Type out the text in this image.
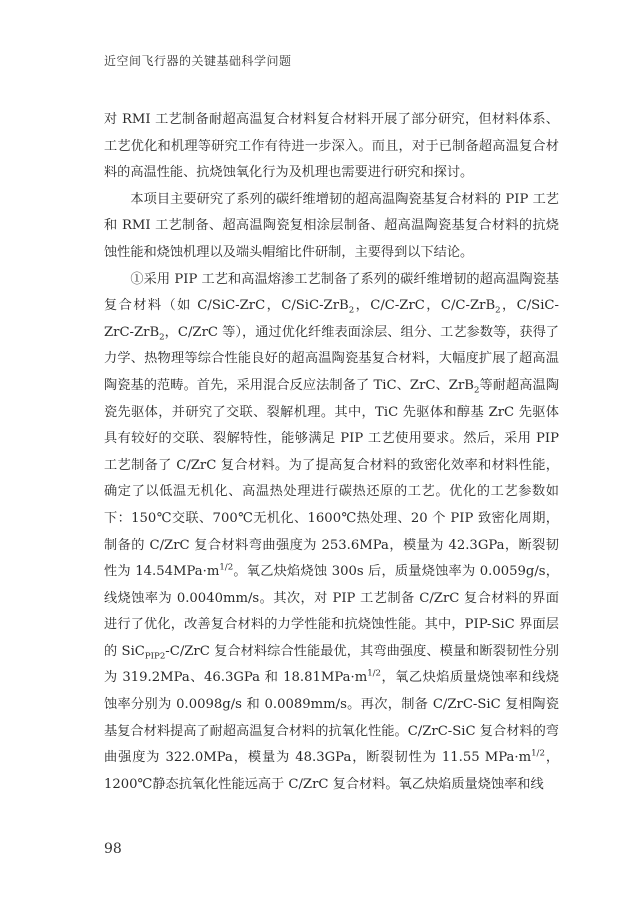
近空间飞行器的关键基础科学问题

对 RMI 工艺制备耐超高温复合材料复合材料开展了部分研究，但材料体系、工艺优化和机理等研究工作有待进一步深入。而且，对于已制备超高温复合材料的高温性能、抗烧蚀氧化行为及机理也需要进行研究和探讨。

本项目主要研究了系列的碳纤维增韧的超高温陶瓷基复合材料的 PIP 工艺和 RMI 工艺制备、超高温陶瓷复相涂层制备、超高温陶瓷基复合材料的抗烧蚀性能和烧蚀机理以及端头帽缩比件研制，主要得到以下结论。

①采用 PIP 工艺和高温熔渗工艺制备了系列的碳纤维增韧的超高温陶瓷基复合材料（如 C/SiC-ZrC，C/SiC-ZrB$_2$，C/C-ZrC，C/C-ZrB$_2$，C/SiC-ZrC-ZrB$_2$，C/ZrC 等），通过优化纤维表面涂层、组分、工艺参数等，获得了力学、热物理等综合性能良好的超高温陶瓷基复合材料，大幅度扩展了超高温陶瓷基的范畴。首先，采用混合反应法制备了 TiC、ZrC、ZrB$_2$等耐超高温陶瓷先驱体，并研究了交联、裂解机理。其中，TiC 先驱体和醇基 ZrC 先驱体具有较好的交联、裂解特性，能够满足 PIP 工艺使用要求。然后，采用 PIP 工艺制备了 C/ZrC 复合材料。为了提高复合材料的致密化效率和材料性能，确定了以低温无机化、高温热处理进行碳热还原的工艺。优化的工艺参数如下：150℃交联、700℃无机化、1600℃热处理、20 个 PIP 致密化周期，制备的 C/ZrC 复合材料弯曲强度为 253.6MPa，模量为 42.3GPa，断裂韧性为 $14.54MPa\cdot m^{1/2}$。氧乙炔焰烧蚀 300s 后，质量烧蚀率为 0.0059g/s，线烧蚀率为 0.0040mm/s。其次，对 PIP 工艺制备 C/ZrC 复合材料的界面进行了优化，改善复合材料的力学性能和抗烧蚀性能。其中，PIP-SiC 界面层的 SiC$_{PIP2}$-C/ZrC 复合材料综合性能最优，其弯曲强度、模量和断裂韧性分别为 319.2MPa、46.3GPa 和 $18.81MPa\cdot m^{1/2}$，氧乙炔焰质量烧蚀率和线烧蚀率分别为 0.0098g/s 和 0.0089mm/s。再次，制备 C/ZrC-SiC 复相陶瓷基复合材料提高了耐超高温复合材料的抗氧化性能。C/ZrC-SiC 复合材料的弯曲强度为 322.0MPa，模量为 48.3GPa，断裂韧性为 11.55 $MPa\cdot m^{1/2}$，1200℃静态抗氧化性能远高于 C/ZrC 复合材料。氧乙炔焰质量烧蚀率和线

98
